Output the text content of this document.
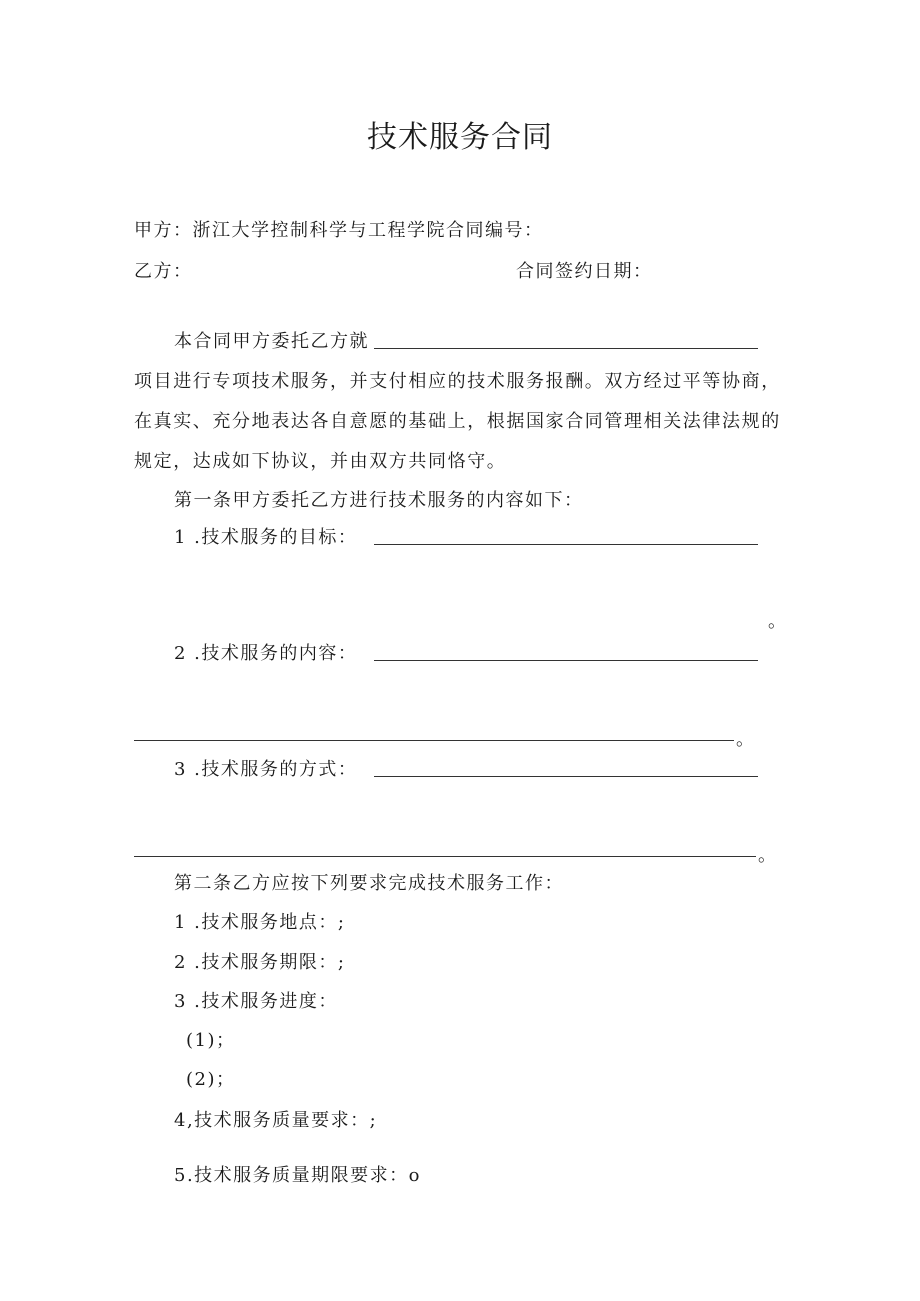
技术服务合同
甲方：浙江大学控制科学与工程学院合同编号：
乙方：	合同签约日期：
本合同甲方委托乙方就
项目进行专项技术服务，并支付相应的技术服务报酬。双方经过平等协商，在真实、充分地表达各自意愿的基础上，根据国家合同管理相关法律法规的规定，达成如下协议，并由双方共同恪守。
第一条甲方委托乙方进行技术服务的内容如下：
1 .技术服务的目标：
。
2 .技术服务的内容：
。
3 .技术服务的方式：
。
第二条乙方应按下列要求完成技术服务工作：
1 .技术服务地点：;
2 .技术服务期限：;
3 .技术服务进度：
(1)；
(2)；
4,技术服务质量要求：;
5.技术服务质量期限要求：o
